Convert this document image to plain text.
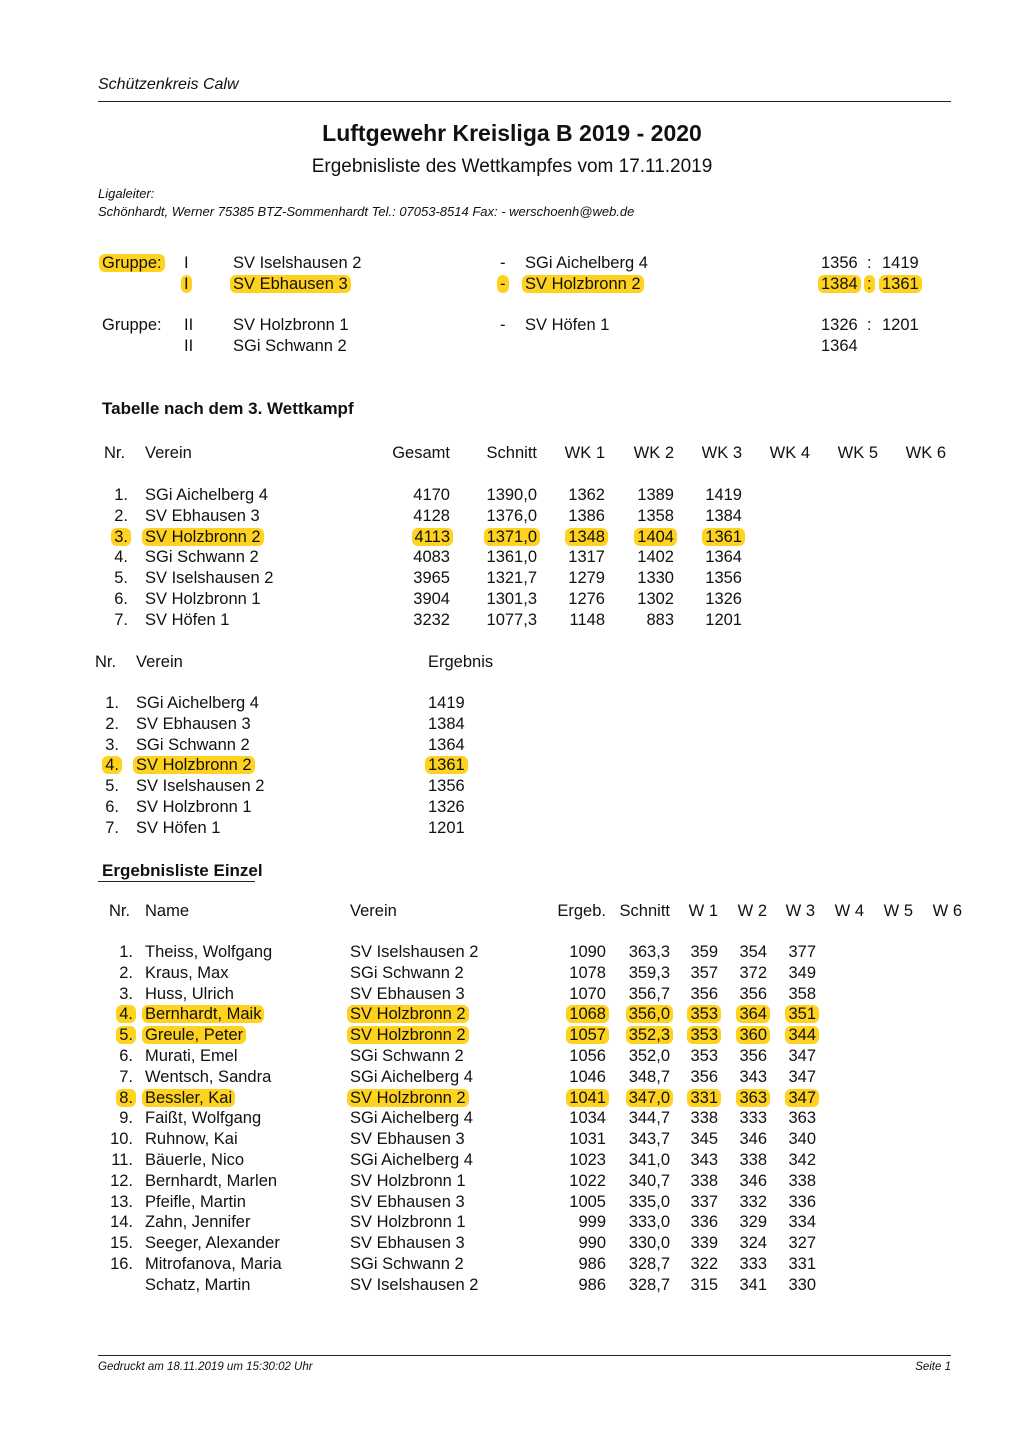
Schützenkreis Calw
Luftgewehr Kreisliga B 2019 - 2020
Ergebnisliste des Wettkampfes vom 17.11.2019
Ligaleiter:
Schönhardt, Werner 75385 BTZ-Sommenhardt Tel.: 07053-8514 Fax: - werschoenh@web.de
Gruppe: I	SV Iselshausen 2	- SGi Aichelberg 4	1356 : 1419
I	SV Ebhausen 3	- SV Holzbronn 2	1384 : 1361
Gruppe: II SV Holzbronn 1	- SV Höfen 1	1326 : 1201
II SGi Schwann 2	1364
Tabelle nach dem 3. Wettkampf
Nr. Verein	Gesamt	Schnitt	WK 1	WK 2	WK 3	WK 4	WK 5	WK 6
1. SGi Aichelberg 4	4170	1390,0	1362	1389	1419
2. SV Ebhausen 3	4128	1376,0	1386	1358	1384
3. SV Holzbronn 2	4113	1371,0	1348	1404	1361
4. SGi Schwann 2	4083	1361,0	1317	1402	1364
5. SV Iselshausen 2	3965	1321,7	1279	1330	1356
6. SV Holzbronn 1	3904	1301,3	1276	1302	1326
7. SV Höfen 1	3232	1077,3	1148	883	1201
Nr. Verein	Ergebnis
1. SGi Aichelberg 4	1419
2. SV Ebhausen 3	1384
3. SGi Schwann 2	1364
4. SV Holzbronn 2	1361
5. SV Iselshausen 2	1356
6. SV Holzbronn 1	1326
7. SV Höfen 1	1201
Ergebnisliste Einzel
Nr. Name	Verein	Ergeb. Schnitt	W 1	W 2	W 3	W 4	W 5	W 6
1. Theiss, Wolfgang	SV Iselshausen 2	1090	363,3	359	354	377
2. Kraus, Max	SGi Schwann 2	1078	359,3	357	372	349
3. Huss, Ulrich	SV Ebhausen 3	1070	356,7	356	356	358
4. Bernhardt, Maik	SV Holzbronn 2	1068	356,0	353	364	351
5. Greule, Peter	SV Holzbronn 2	1057	352,3	353	360	344
6. Murati, Emel	SGi Schwann 2	1056	352,0	353	356	347
7. Wentsch, Sandra	SGi Aichelberg 4	1046	348,7	356	343	347
8. Bessler, Kai	SV Holzbronn 2	1041	347,0	331	363	347
9. Faißt, Wolfgang	SGi Aichelberg 4	1034	344,7	338	333	363
10. Ruhnow, Kai	SV Ebhausen 3	1031	343,7	345	346	340
11. Bäuerle, Nico	SGi Aichelberg 4	1023	341,0	343	338	342
12. Bernhardt, Marlen	SV Holzbronn 1	1022	340,7	338	346	338
13. Pfeifle, Martin	SV Ebhausen 3	1005	335,0	337	332	336
14. Zahn, Jennifer	SV Holzbronn 1	999	333,0	336	329	334
15. Seeger, Alexander	SV Ebhausen 3	990	330,0	339	324	327
16. Mitrofanova, Maria	SGi Schwann 2	986	328,7	322	333	331
Schatz, Martin	SV Iselshausen 2	986	328,7	315	341	330
Gedruckt am 18.11.2019 um 15:30:02 Uhr	Seite 1
